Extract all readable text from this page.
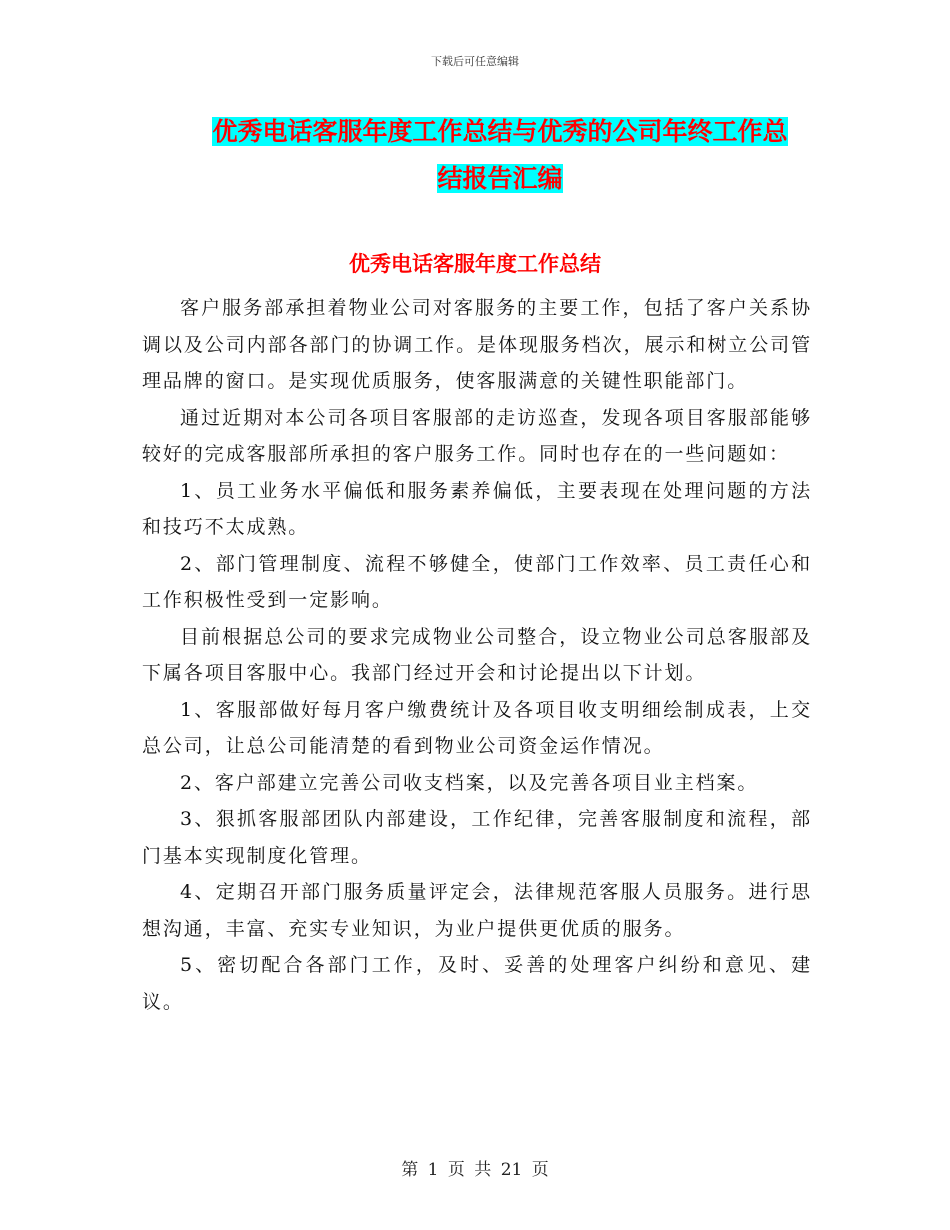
下载后可任意编辑
优秀电话客服年度工作总结与优秀的公司年终工作总
结报告汇编
优秀电话客服年度工作总结

客户服务部承担着物业公司对客服务的主要工作，包括了客户关系协调以及公司内部各部门的协调工作。是体现服务档次，展示和树立公司管理品牌的窗口。是实现优质服务，使客服满意的关键性职能部门。

通过近期对本公司各项目客服部的走访巡查，发现各项目客服部能够较好的完成客服部所承担的客户服务工作。同时也存在的一些问题如：

1、员工业务水平偏低和服务素养偏低，主要表现在处理问题的方法和技巧不太成熟。

2、部门管理制度、流程不够健全，使部门工作效率、员工责任心和工作积极性受到一定影响。

目前根据总公司的要求完成物业公司整合，设立物业公司总客服部及下属各项目客服中心。我部门经过开会和讨论提出以下计划。

1、客服部做好每月客户缴费统计及各项目收支明细绘制成表，上交总公司，让总公司能清楚的看到物业公司资金运作情况。

2、客户部建立完善公司收支档案，以及完善各项目业主档案。

3、狠抓客服部团队内部建设，工作纪律，完善客服制度和流程，部门基本实现制度化管理。

4、定期召开部门服务质量评定会，法律规范客服人员服务。进行思想沟通，丰富、充实专业知识，为业户提供更优质的服务。

5、密切配合各部门工作，及时、妥善的处理客户纠纷和意见、建议。

第 1 页 共 21 页
